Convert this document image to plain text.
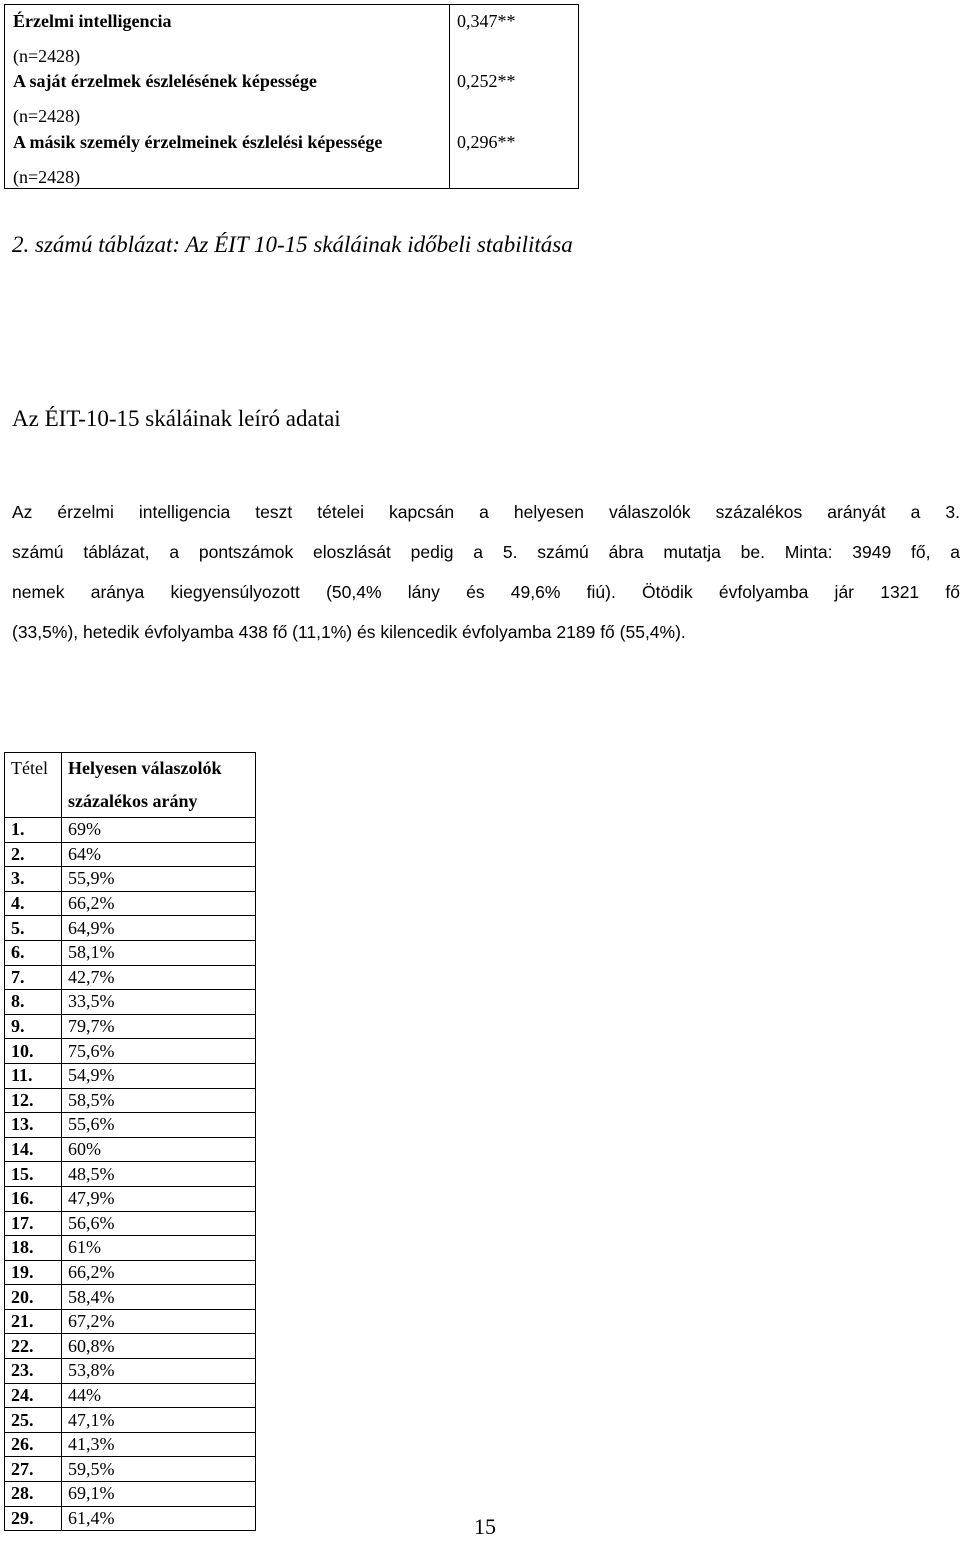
Érzelmi intelligencia	0,347**
(n=2428)
A saját érzelmek észlelésének képessége	0,252**
(n=2428)
A másik személy érzelmeinek észlelési képessége	0,296**
(n=2428)
2. számú táblázat: Az ÉIT 10-15 skáláinak időbeli stabilitása
Az ÉIT-10-15 skáláinak leíró adatai
Az érzelmi intelligencia teszt tételei kapcsán a helyesen válaszolók százalékos arányát a 3.
számú táblázat, a pontszámok eloszlását pedig a 5. számú ábra mutatja be. Minta: 3949 fő, a
nemek aránya kiegyensúlyozott (50,4% lány és 49,6% fiú). Ötödik évfolyamba jár 1321 fő
(33,5%), hetedik évfolyamba 438 fő (11,1%) és kilencedik évfolyamba 2189 fő (55,4%).
Tétel	Helyesen válaszolók
százalékos arány

1.	69%
2.	64%
3.	55,9%
4.	66,2%
5.	64,9%
6.	58,1%
7.	42,7%
8.	33,5%
9.	79,7%
10.	75,6%
11.	54,9%
12.	58,5%
13.	55,6%
14.	60%
15.	48,5%
16.	47,9%
17.	56,6%
18.	61%
19.	66,2%
20.	58,4%
21.	67,2%
22.	60,8%
23.	53,8%
24.	44%
25.	47,1%
26.	41,3%
27.	59,5%
28.	69,1%
29.	61,4%	15
